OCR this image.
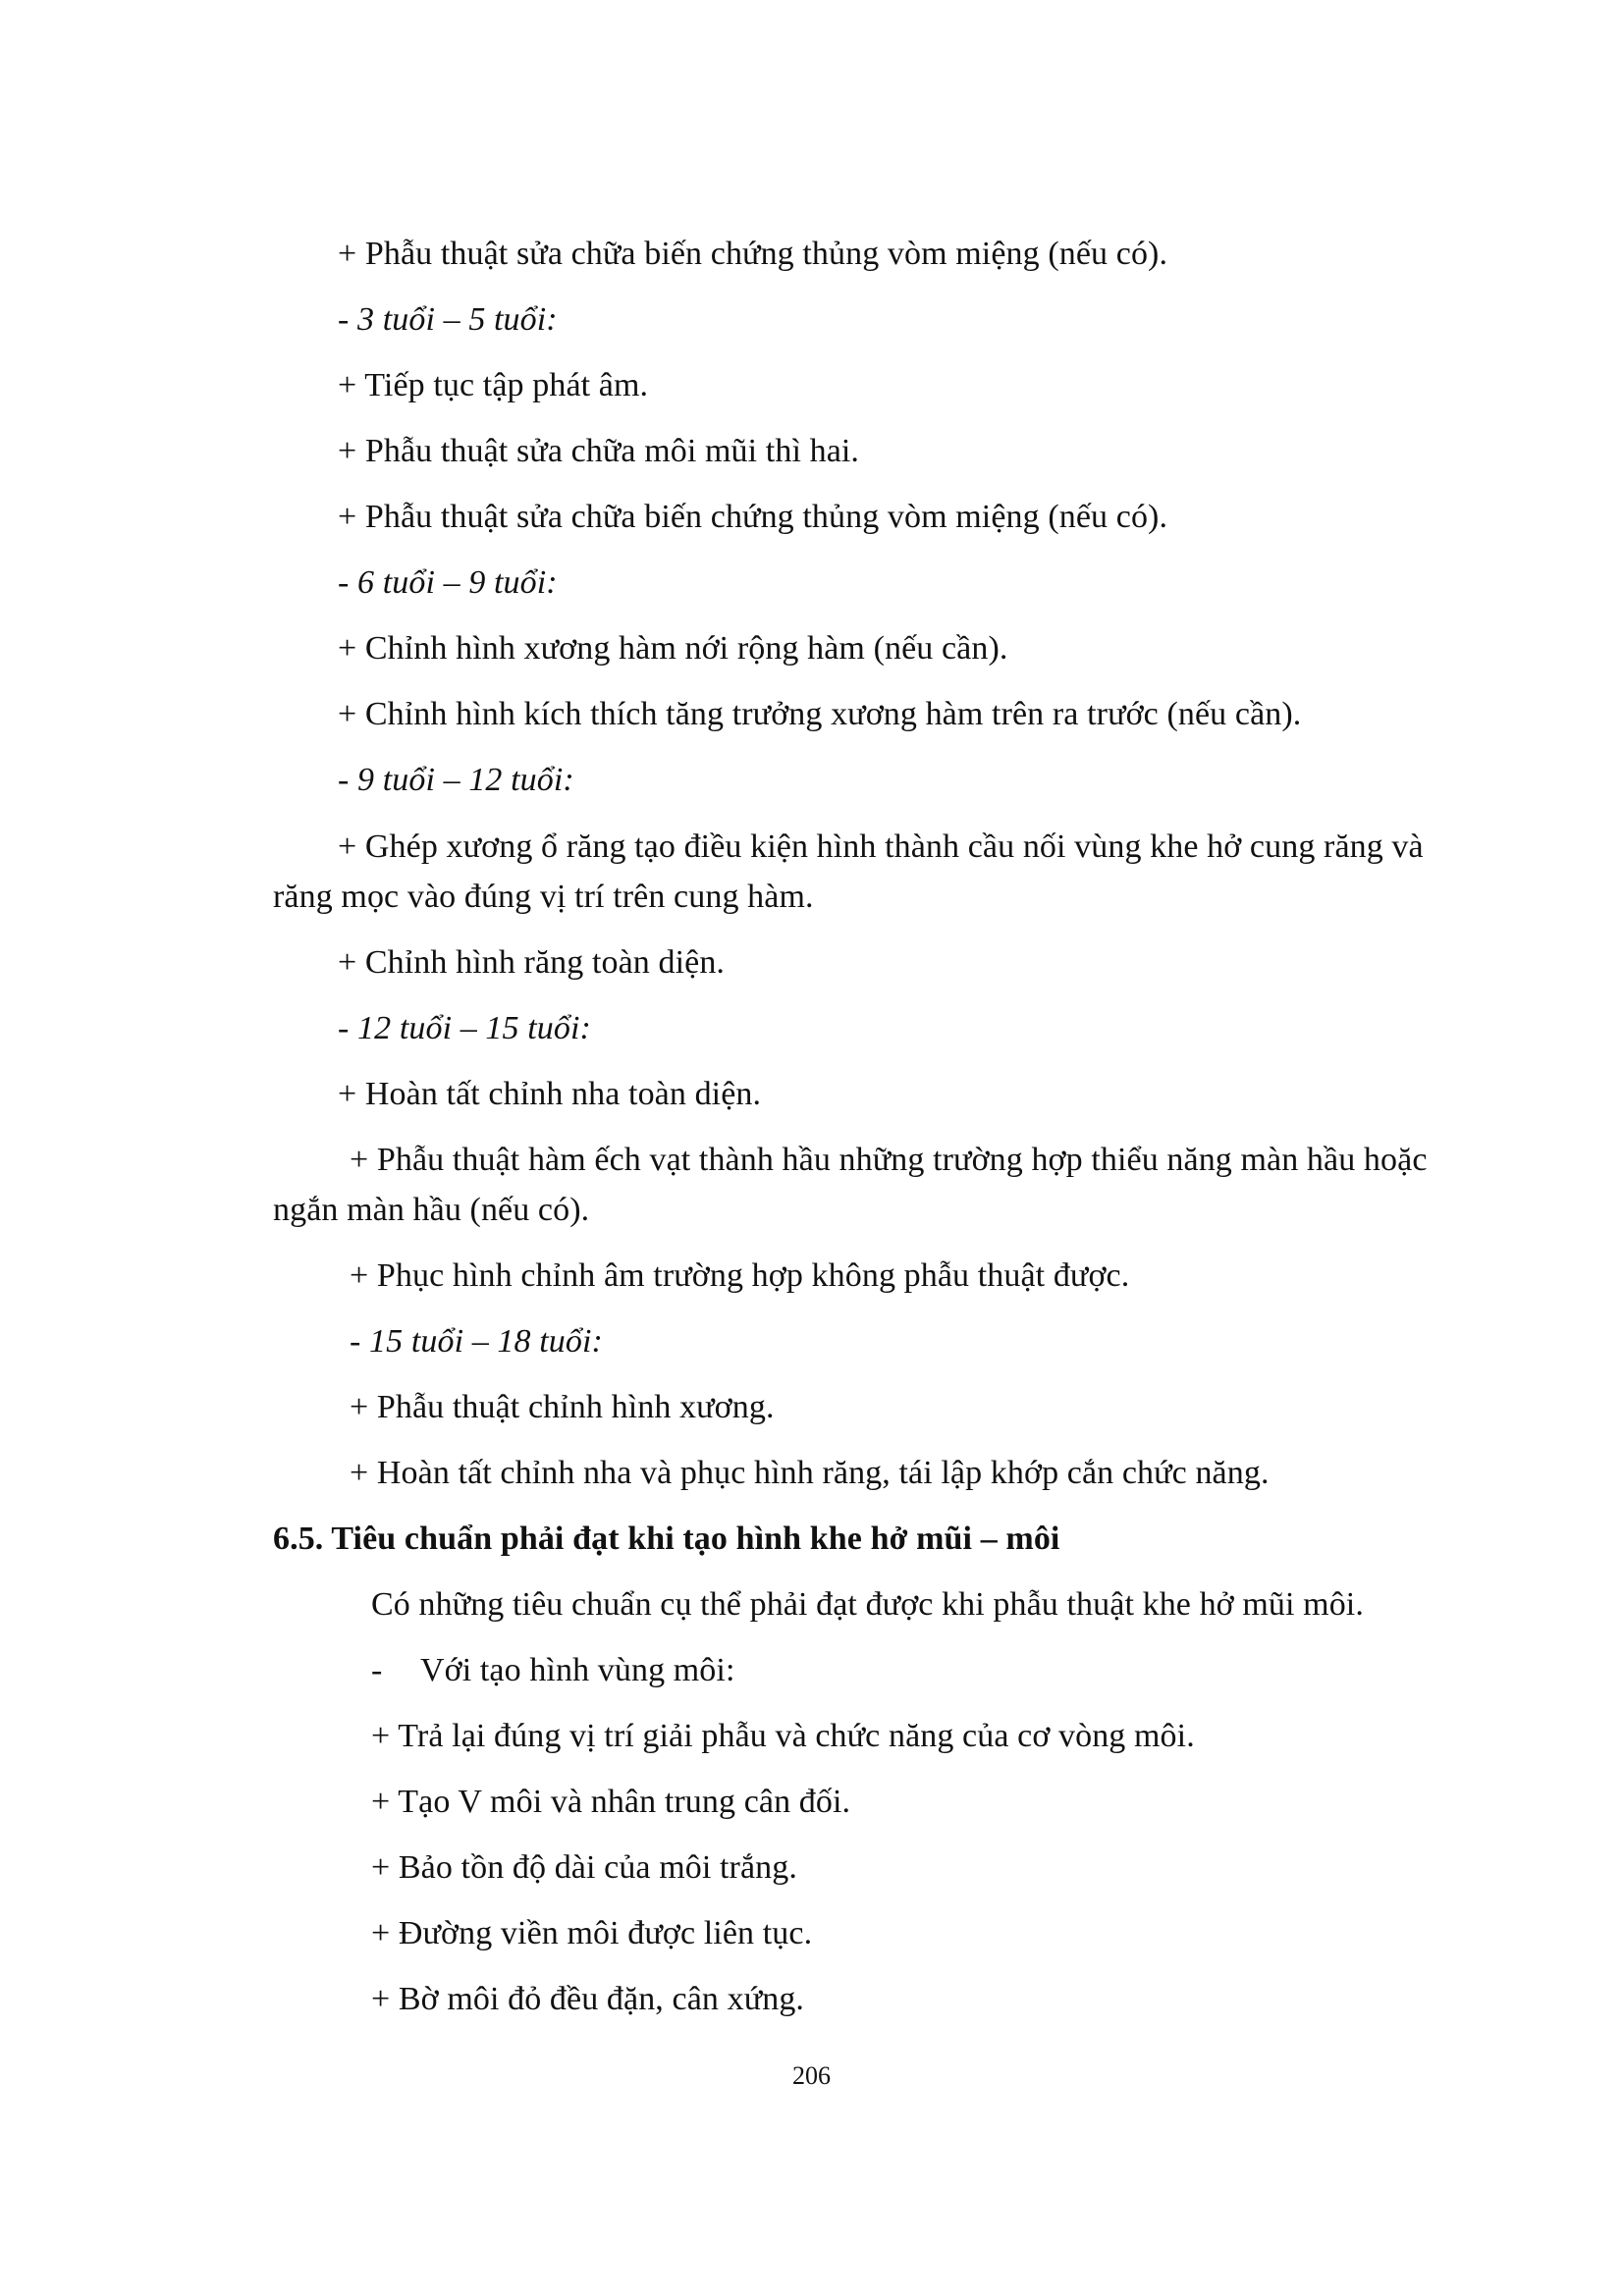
+ Phẫu thuật sửa chữa biến chứng thủng vòm miệng (nếu có).
- 3 tuổi – 5 tuổi:
+ Tiếp tục tập phát âm.
+ Phẫu thuật sửa chữa môi mũi thì hai.
+ Phẫu thuật sửa chữa biến chứng thủng vòm miệng (nếu có).
- 6 tuổi – 9 tuổi:
+ Chỉnh hình xương hàm nới rộng hàm (nếu cần).
+ Chỉnh hình kích thích tăng trưởng xương hàm trên ra trước (nếu cần).
- 9 tuổi – 12 tuổi:
+ Ghép xương ổ răng tạo điều kiện hình thành cầu nối vùng khe hở cung răng và
răng mọc vào đúng vị trí trên cung hàm.
+ Chỉnh hình răng toàn diện.
- 12 tuổi – 15 tuổi:
+ Hoàn tất chỉnh nha toàn diện.
+ Phẫu thuật hàm ếch vạt thành hầu những trường hợp thiểu năng màn hầu hoặc
ngắn màn hầu (nếu có).
+ Phục hình chỉnh âm trường hợp không phẫu thuật được.
- 15 tuổi – 18 tuổi:
+ Phẫu thuật chỉnh hình xương.
+ Hoàn tất chỉnh nha và phục hình răng, tái lập khớp cắn chức năng.
6.5. Tiêu chuẩn phải đạt khi tạo hình khe hở mũi – môi
Có những tiêu chuẩn cụ thể phải đạt được khi phẫu thuật khe hở mũi môi.
- Với tạo hình vùng môi:
+ Trả lại đúng vị trí giải phẫu và chức năng của cơ vòng môi.
+ Tạo V môi và nhân trung cân đối.
+ Bảo tồn độ dài của môi trắng.
+ Đường viền môi được liên tục.
+ Bờ môi đỏ đều đặn, cân xứng.
206
